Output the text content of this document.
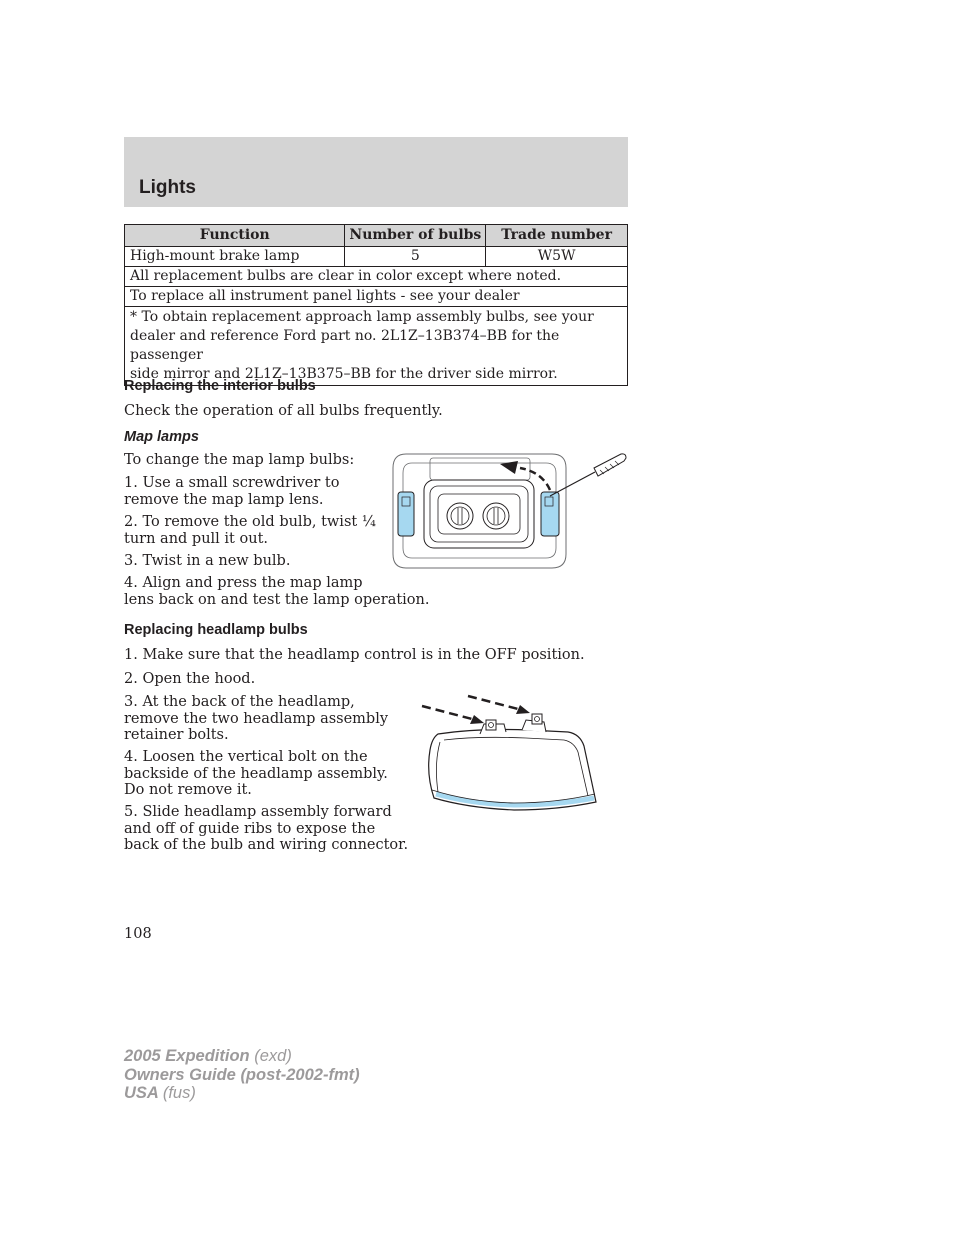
Lights
Function	Number of bulbs	Trade number
High-mount brake lamp	5	W5W
All replacement bulbs are clear in color except where noted.		
To replace all instrument panel lights - see your dealer		

* To obtain replacement approach lamp assembly bulbs, see your
dealer and reference Ford part no. 2L1Z–13B374–BB for the passenger
side mirror and 2L1Z–13B375–BB for the driver side mirror.		
Replacing the interior bulbs
Check the operation of all bulbs frequently.
Map lamps
To change the map lamp bulbs:
1. Use a small screwdriver to
remove the map lamp lens.
2. To remove the old bulb, twist ¼
turn and pull it out.
3. Twist in a new bulb.
4. Align and press the map lamp
lens back on and test the lamp operation.
Replacing headlamp bulbs
1. Make sure that the headlamp control is in the OFF position.
2. Open the hood.
3. At the back of the headlamp,
remove the two headlamp assembly
retainer bolts.
4. Loosen the vertical bolt on the
backside of the headlamp assembly.
Do not remove it.
5. Slide headlamp assembly forward
and off of guide ribs to expose the
back of the bulb and wiring connector.
108
2005 Expedition (exd)
Owners Guide (post-2002-fmt)
USA (fus)
